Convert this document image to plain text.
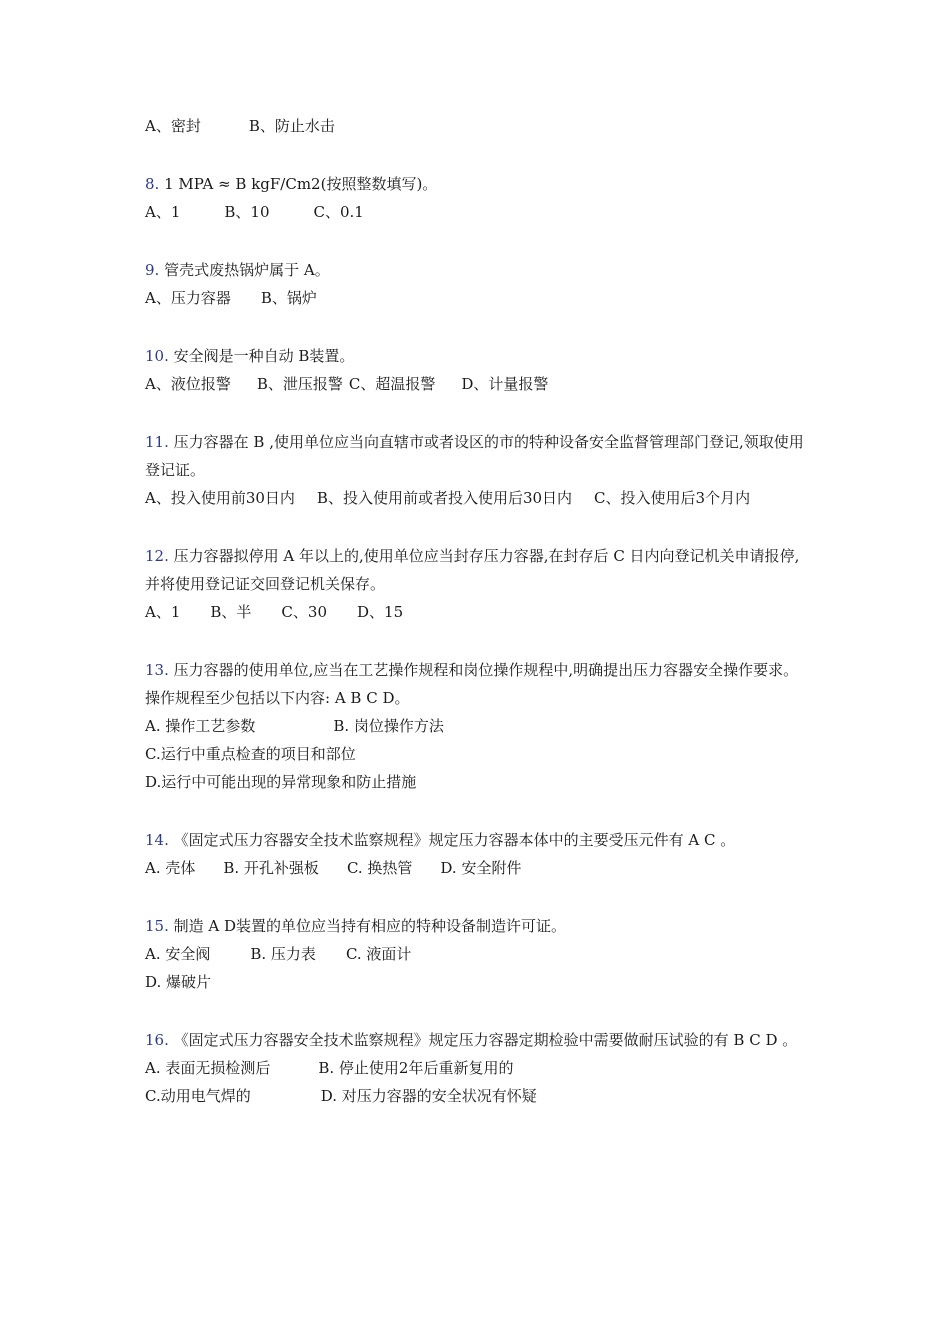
A、密封	B、防止水击
8. 1 MPA ≈ B kgF/Cm2(按照整数填写)。
A、1	B、10	C、0.1
9. 管壳式废热锅炉属于 A。
A、压力容器 B、锅炉
10. 安全阀是一种自动 B装置。
A、液位报警 B、泄压报警 C、超温报警 D、计量报警
11. 压力容器在 B ,使用单位应当向直辖市或者设区的市的特种设备安全监督管理部门登记,领取使用登记证。
A、投入使用前30日内 B、投入使用前或者投入使用后30日内 C、投入使用后3个月内
12. 压力容器拟停用 A 年以上的,使用单位应当封存压力容器,在封存后 C 日内向登记机关申请报停,并将使用登记证交回登记机关保存。
A、1 B、半 C、30 D、15
13. 压力容器的使用单位,应当在工艺操作规程和岗位操作规程中,明确提出压力容器安全操作要求。操作规程至少包括以下内容: A B C D。
A. 操作工艺参数	B. 岗位操作方法
C.运行中重点检查的项目和部位
D.运行中可能出现的异常现象和防止措施
14. 《固定式压力容器安全技术监察规程》规定压力容器本体中的主要受压元件有 A C 。
A. 壳体 B. 开孔补强板 C. 换热管 D. 安全附件
15. 制造 A D装置的单位应当持有相应的特种设备制造许可证。
A. 安全阀	B. 压力表 C. 液面计
D. 爆破片
16. 《固定式压力容器安全技术监察规程》规定压力容器定期检验中需要做耐压试验的有 B C D 。
A. 表面无损检测后	B. 停止使用2年后重新复用的
C.动用电气焊的	D. 对压力容器的安全状况有怀疑
